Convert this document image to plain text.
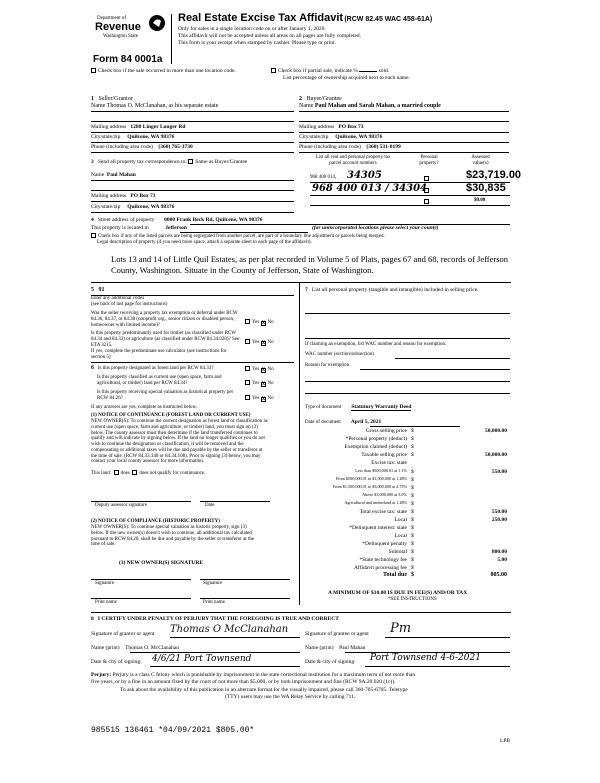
Department of
Revenue
Washington State
Form 84 0001a
Real Estate Excise Tax Affidavit (RCW 82.45 WAC 458-61A)
Only for sales in a single location code on or after January 1, 2020.
This affidavit will not be accepted unless all areas on all pages are fully completed.
This form is your receipt when stamped by cashier. Please type or print.
Check box if the sale occurred in more than one location code.	Check box if partial sale, indicate %	sold.
List percentage of ownership acquired next to each name.
1 Seller/Grantor
Name Thomas O. McClanahan, as his separate estate
Mailing address 1280 Linger Longer Rd
City/state/zip Quilcene, WA 98376
Phone (including area code) (360) 765-3730
2 Buyer/Grantee
Name Paul Mahan and Sarah Mahan, a married couple
Mailing address PO Box 73
City/state/zip Quilcene, WA 98376
Phone (including area code) (360) 531-0199
3 Send all property tax correspondence to: Same as Buyer/Grantee
Name Paul Mahan
Mailing address PO Box 73
City/state/zip Quilcene, WA 98376
List all real and personal property tax parcel account numbers
Personal property?
Assessed value(s)
968 400 014, 34305	$23,719.00
968 400 013 / 34304	$30,835
$0.00
4 Street address of property 0000 Frank Beck Rd, Quilcene, WA 98376
This property is located in	Jefferson	(for unincorporated locations please select your county)
Check box if any of the listed parcels are being segregated from another parcel, are part of a boundary line adjustment or parcels being merged.
Legal description of property (if you need more space, attach a separate sheet to each page of the affidavit).
Lots 13 and 14 of Little Quil Estates, as per plat recorded in Volume 5 of Plats, pages 67 and 68, records of Jefferson
County, Washington. Situate in the County of Jefferson, State of Washington.
5 91
Enter any additional codes
(see back of last page for instructions)
Was the seller receiving a property tax exemption or deferral under RCW 84.36, 84.37, or 84.38 (nonprofit org., senior citizen or disabled person, homeowner with limited income)?	Yes X No
Is this property predominantly used for timber (as classified under RCW 84.34 and 84.33) or agriculture (as classified under RCW 84.34.020)? See ETA 3215.	Yes X No
If yes, complete the predominate use calculator (see instructions for section 5)
6 Is this property designated as forest land per RCW 84.33?	Yes X No
Is this property classified as current use (open space, farm and agricultural, or timber) land per RCW 84.34?	Yes X No
Is this property receiving special valuation as historical property per RCW 84.26?	Yes X No
If any answers are yes, complete as instructed below.
(1) NOTICE OF CONTINUANCE (FOREST LAND OR CURRENT USE)
NEW OWNER(S): To continue the current designation as forest land or classification as
current use (open space, farm and agriculture, or timber) land, you must sign on (3)
below. The county assessor must then determine if the land transferred continues to
qualify and will indicate by signing below. If the land no longer qualifies or you do not
wish to continue the designation or classification, it will be removed and the
compensating or additional taxes will be due and payable by the seller or transferor at
the time of sale. (RCW 84.33.140 or 84.34.108). Prior to signing (3) below, you may
contact your local county assessor for more information.
This land: does does not qualify for continuance.
Deputy assessor signature	Date
(2) NOTICE OF COMPLIANCE (HISTORIC PROPERTY)
NEW OWNER(S): To continue special valuation as historic property, sign (3)
below. If the new owner(s) doesn't wish to continue, all additional tax calculated
pursuant to RCW 84.26, shall be due and payable by the seller or transferor at the
time of sale.
(3) NEW OWNER(S) SIGNATURE
Signature	Signature
Print name	Print name
7 List all personal property (tangible and intangible) included in selling price.
If claiming an exemption, list WAC number and reason for exemption.
WAC number (section/subsection)
Reason for exemption
Type of document Statutory Warranty Deed
Date of document April 5, 2021
Gross selling price $	50,000.00
*Personal property (deduct) $
Exemption claimed (deduct) $
Taxable selling price $	50,000.00
Excise tax: state
Less than $500,000.01 at 1.1% $	550.00
From $500,000.01 to $1,500,000 at 1.28% $
From $1,500,000.01 to $3,000,000 at 2.75% $
Above $3,000,000 at 3.0% $
Agricultural and timberland at 1.28% $
Total excise tax: state $	550.00
Local $	250.00
*Delinquent interest: state $
Local $
*Delinquent penalty $
Subtotal $	800.00
*State technology fee $	5.00
Affidavit processing fee $
Total due $	805.00
A MINIMUM OF $10.00 IS DUE IN FEE(S) AND/OR TAX
*SEE INSTRUCTIONS
8 I CERTIFY UNDER PENALTY OF PERJURY THAT THE FOREGOING IS TRUE AND CORRECT
Signature of grantor or agent Thomas O McClanahan	Signature of grantee or agent Pm
Name (print) Thomas O. McClanahan	Name (print) Paul Mahan
Date & city of signing: 4/6/21 Port Townsend	Date & city of signing: Port Townsend 4-6-2021
Perjury: Perjury is a class C felony which is punishable by imprisonment in the state correctional institution for a maximum term of not more than
five years, or by a fine in an amount fixed by the court of not more than $5,000, or by both imprisonment and fine (RCW 9A.20.020 (1c)).
To ask about the availability of this publication in an alternate format for the visually impaired, please call 360-705-6705. Teletype
(TTY) users may use the WA Relay Service by calling 711.
985515 136461 *04/09/2021 $805.00*
LPB
